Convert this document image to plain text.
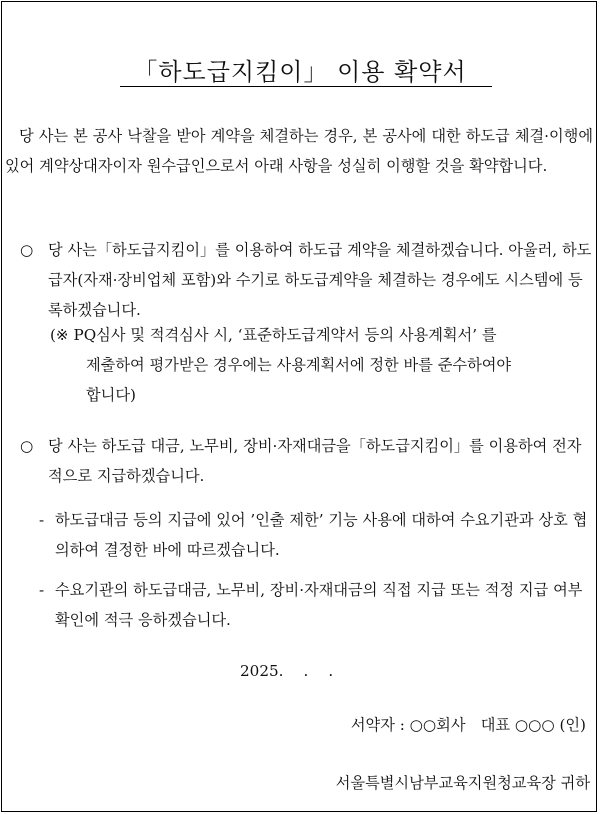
「하도급지킴이」 이용 확약서

당 사는 본 공사 낙찰을 받아 계약을 체결하는 경우, 본 공사에 대한 하도급 체결·이행에 있어 계약상대자이자 원수급인으로서 아래 사항을 성실히 이행할 것을 확약합니다.

○ 당 사는「하도급지킴이」를 이용하여 하도급 계약을 체결하겠습니다. 아울러, 하도급자(자재·장비업체 포함)와 수기로 하도급계약을 체결하는 경우에도 시스템에 등록하겠습니다.
(※ PQ심사 및 적격심사 시, ‘표준하도급계약서 등의 사용계획서’ 를
제출하여 평가받은 경우에는 사용계획서에 정한 바를 준수하여야
합니다)
○ 당 사는 하도급 대금, 노무비, 장비·자재대금을「하도급지킴이」를 이용하여 전자적으로 지급하겠습니다.
- 하도급대금 등의 지급에 있어 ’인출 제한’ 기능 사용에 대하여 수요기관과 상호 협의하여 결정한 바에 따르겠습니다.
- 수요기관의 하도급대금, 노무비, 장비·자재대금의 직접 지급 또는 적정 지급 여부 확인에 적극 응하겠습니다.
2025.　 .　 .
서약자 : ○○회사　대표 ○○○ (인)
서울특별시남부교육지원청교육장 귀하
